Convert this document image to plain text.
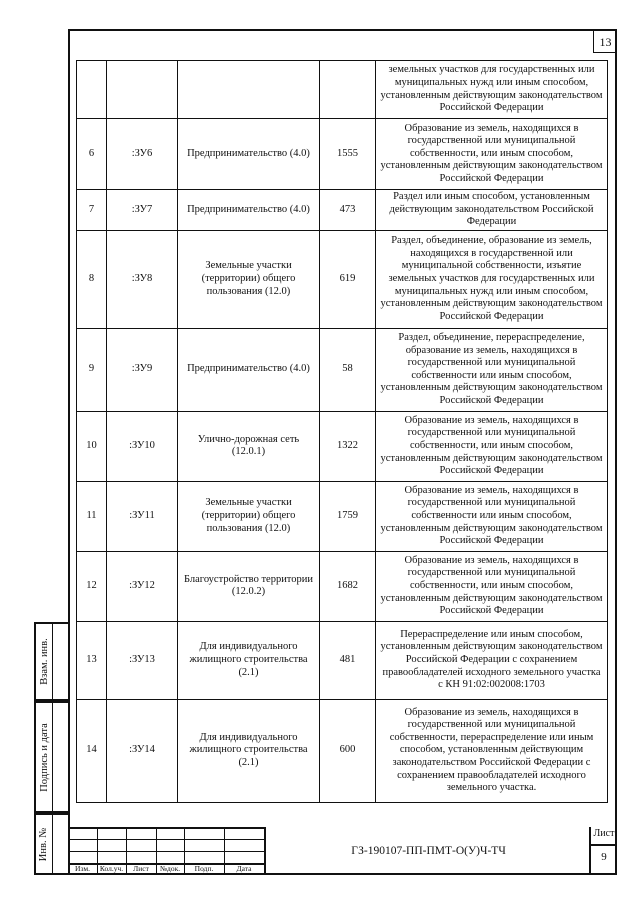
13
				земельных участков для государственных или муниципальных нужд или иным способом, установленным действующим законодательством Российской Федерации
6	:ЗУ6	Предпринимательство (4.0)	1555	Образование из земель, находящихся в государственной или муниципальной собственности, или иным способом, установленным действующим законодательством Российской Федерации
7	:ЗУ7	Предпринимательство (4.0)	473	Раздел или иным способом, установленным действующим законодательством Российской Федерации
8	:ЗУ8	Земельные участки (территории) общего пользования (12.0)	619	Раздел, объединение, образование из земель, находящихся в государственной или муниципальной собственности, изъятие земельных участков для государственных или муниципальных нужд или иным способом, установленным действующим законодательством Российской Федерации
9	:ЗУ9	Предпринимательство (4.0)	58	Раздел, объединение, перераспределение, образование из земель, находящихся в государственной или муниципальной собственности или иным способом, установленным действующим законодательством Российской Федерации
10	:ЗУ10	Улично-дорожная сеть (12.0.1)	1322	Образование из земель, находящихся в государственной или муниципальной собственности, или иным способом, установленным действующим законодательством Российской Федерации
11	:ЗУ11	Земельные участки (территории) общего пользования (12.0)	1759	Образование из земель, находящихся в государственной или муниципальной собственности или иным способом, установленным действующим законодательством Российской Федерации
12	:ЗУ12	Благоустройство территории (12.0.2)	1682	Образование из земель, находящихся в государственной или муниципальной собственности, или иным способом, установленным действующим законодательством Российской Федерации
13	:ЗУ13	Для индивидуального жилищного строительства (2.1)	481	Перераспределение или иным способом, установленным действующим законодательством Российской Федерации с сохранением правообладателей исходного земельного участка с КН 91:02:002008:1703
14	:ЗУ14	Для индивидуального жилищного строительства (2.1)	600	Образование из земель, находящихся в государственной или муниципальной собственности, перераспределение или иным способом, установленным действующим законодательством Российской Федерации с сохранением правообладателей исходного земельного участка.
Изм.	Кол.уч.	Лист	№док.	Подп.	Дата
ГЗ-190107-ПП-ПМТ-О(У)Ч-ТЧ
Лист
9
Взам. инв.
Подпись и дата
Инв. №
